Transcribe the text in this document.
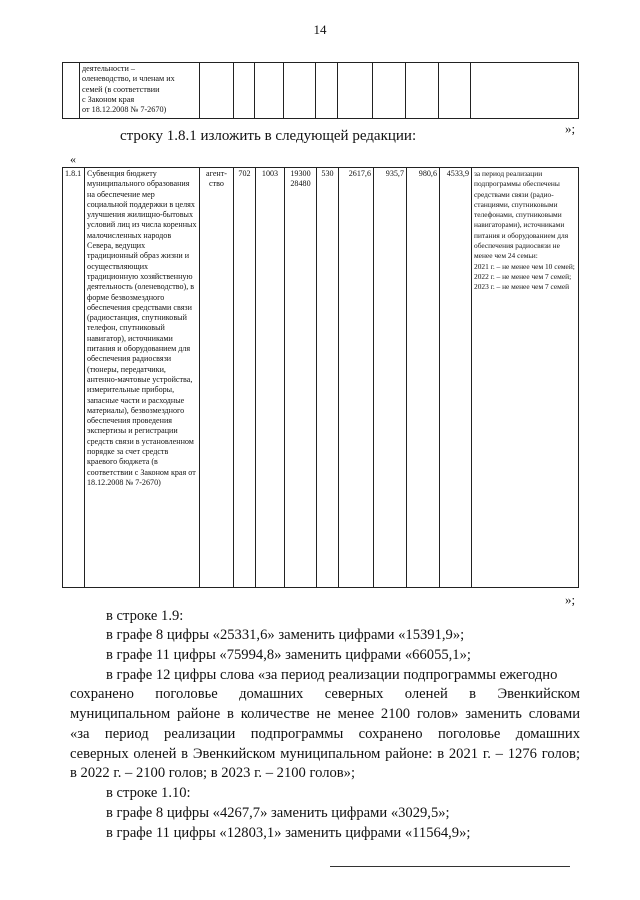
14
	деятельности –
оленеводство, и членам их
семей (в соответствии
с Законом края
от 18.12.2008 № 7-2670)										
»;
строку 1.8.1 изложить в следующей редакции:
«
1.8.1	Субвенция бюджету муниципального образования на обеспечение мер социальной поддержки в целях улучшения жилищно-бытовых условий лиц из числа коренных малочисленных народов Севера, ведущих традиционный образ жизни и осуществляющих традиционную хозяйственную деятельность (оленеводство), в форме безвозмездного обеспечения средствами связи (радиостанция, спутниковый телефон, спутниковый навигатор), источниками питания и оборудованием для обеспечения радиосвязи (тюнеры, передатчики, антенно-мачтовые устройства, измерительные приборы, запасные части и расходные материалы), безвозмездного обеспечения проведения экспертизы и регистрации средств связи в установленном порядке за счет средств краевого бюджета (в соответствии с Законом края от 18.12.2008 № 7-2670)	агент-
ство	702	1003	19300
28480	530	2617,6	935,7	980,6	4533,9	за период реализации подпрограммы обеспечены средствами связи (радио-станциями, спутниковыми телефонами, спутниковыми навигаторами), источниками питания и оборудованием для обеспечения радиосвязи не менее чем 24 семьи:
2021 г. – не менее чем 10 семей;
2022 г. – не менее чем 7 семей;
2023 г. – не менее чем 7 семей
»;
в строке 1.9:
в графе 8 цифры «25331,6» заменить цифрами «15391,9»;
в графе 11 цифры «75994,8» заменить цифрами «66055,1»;
в графе 12 цифры слова «за период реализации подпрограммы ежегодно
сохранено поголовье домашних северных оленей в Эвенкийском
муниципальном районе в количестве не менее 2100 голов» заменить словами
«за период реализации подпрограммы сохранено поголовье домашних
северных оленей в Эвенкийском муниципальном районе: в 2021 г. – 1276 голов;
в 2022 г. – 2100 голов; в 2023 г. – 2100 голов»;
в строке 1.10:
в графе 8 цифры «4267,7» заменить цифрами «3029,5»;
в графе 11 цифры «12803,1» заменить цифрами «11564,9»;
